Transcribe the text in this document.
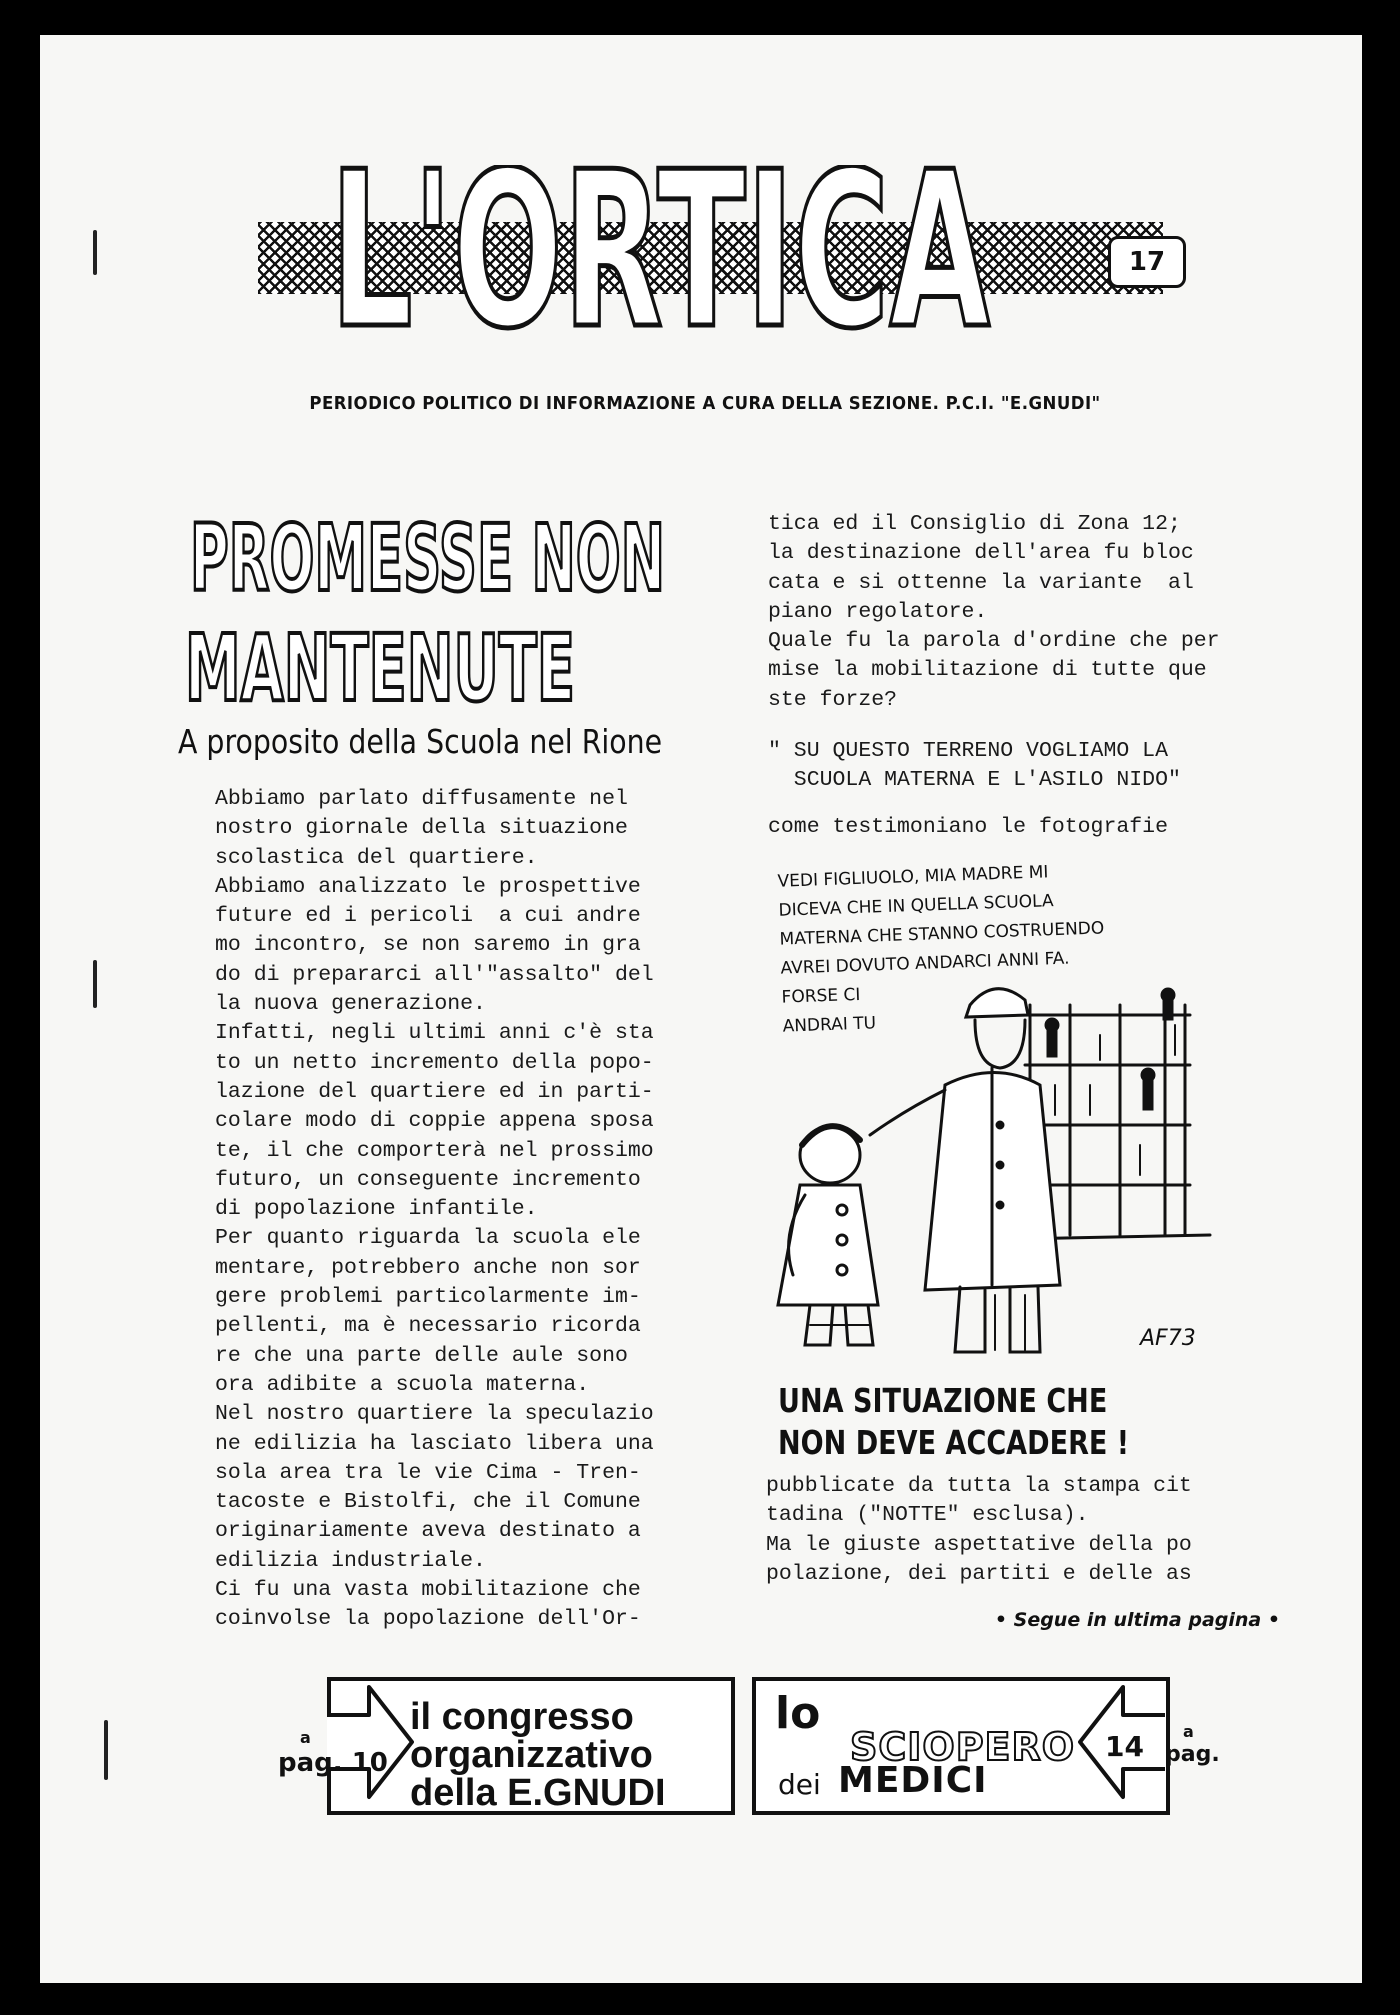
L'ORTICA	17
PERIODICO POLITICO DI INFORMAZIONE A CURA DELLA SEZIONE. P.C.I. "E.GNUDI"
PROMESSE NON
MANTENUTE
A proposito della Scuola nel Rione
Abbiamo parlato diffusamente nel
nostro giornale della situazione
scolastica del quartiere.
Abbiamo analizzato le prospettive
future ed i pericoli  a cui andre
mo incontro, se non saremo in gra
do di prepararci all'"assalto" del
la nuova generazione.
Infatti, negli ultimi anni c'è sta
to un netto incremento della popo-
lazione del quartiere ed in parti-
colare modo di coppie appena sposa
te, il che comporterà nel prossimo
futuro, un conseguente incremento
di popolazione infantile.
Per quanto riguarda la scuola ele
mentare, potrebbero anche non sor
gere problemi particolarmente im-
pellenti, ma è necessario ricorda
re che una parte delle aule sono
ora adibite a scuola materna.
Nel nostro quartiere la speculazio
ne edilizia ha lasciato libera una
sola area tra le vie Cima - Tren-
tacoste e Bistolfi, che il Comune
originariamente aveva destinato a
edilizia industriale.
Ci fu una vasta mobilitazione che
coinvolse la popolazione dell'Or-
tica ed il Consiglio di Zona 12;
la destinazione dell'area fu bloc
cata e si ottenne la variante  al
piano regolatore.
Quale fu la parola d'ordine che per
mise la mobilitazione di tutte que
ste forze?
" SU QUESTO TERRENO VOGLIAMO LA
SCUOLA MATERNA E L'ASILO NIDO"
come testimoniano le fotografie
AF73
VEDI FIGLIUOLO, MIA MADRE MI
DICEVA CHE IN QUELLA SCUOLA
MATERNA CHE STANNO COSTRUENDO
AVREI DOVUTO ANDARCI ANNI FA.
FORSE CI
ANDRAI TU
UNA SITUAZIONE CHE
NON DEVE ACCADERE !
pubblicate da tutta la stampa cit
tadina ("NOTTE" esclusa).
Ma le giuste aspettative della po
polazione, dei partiti e delle as
• Segue in ultima pagina •
a
pag. 10
il congresso
organizzativo
della E.GNUDI
lo
SCIOPERO
dei MEDICI
14 a
pag.
